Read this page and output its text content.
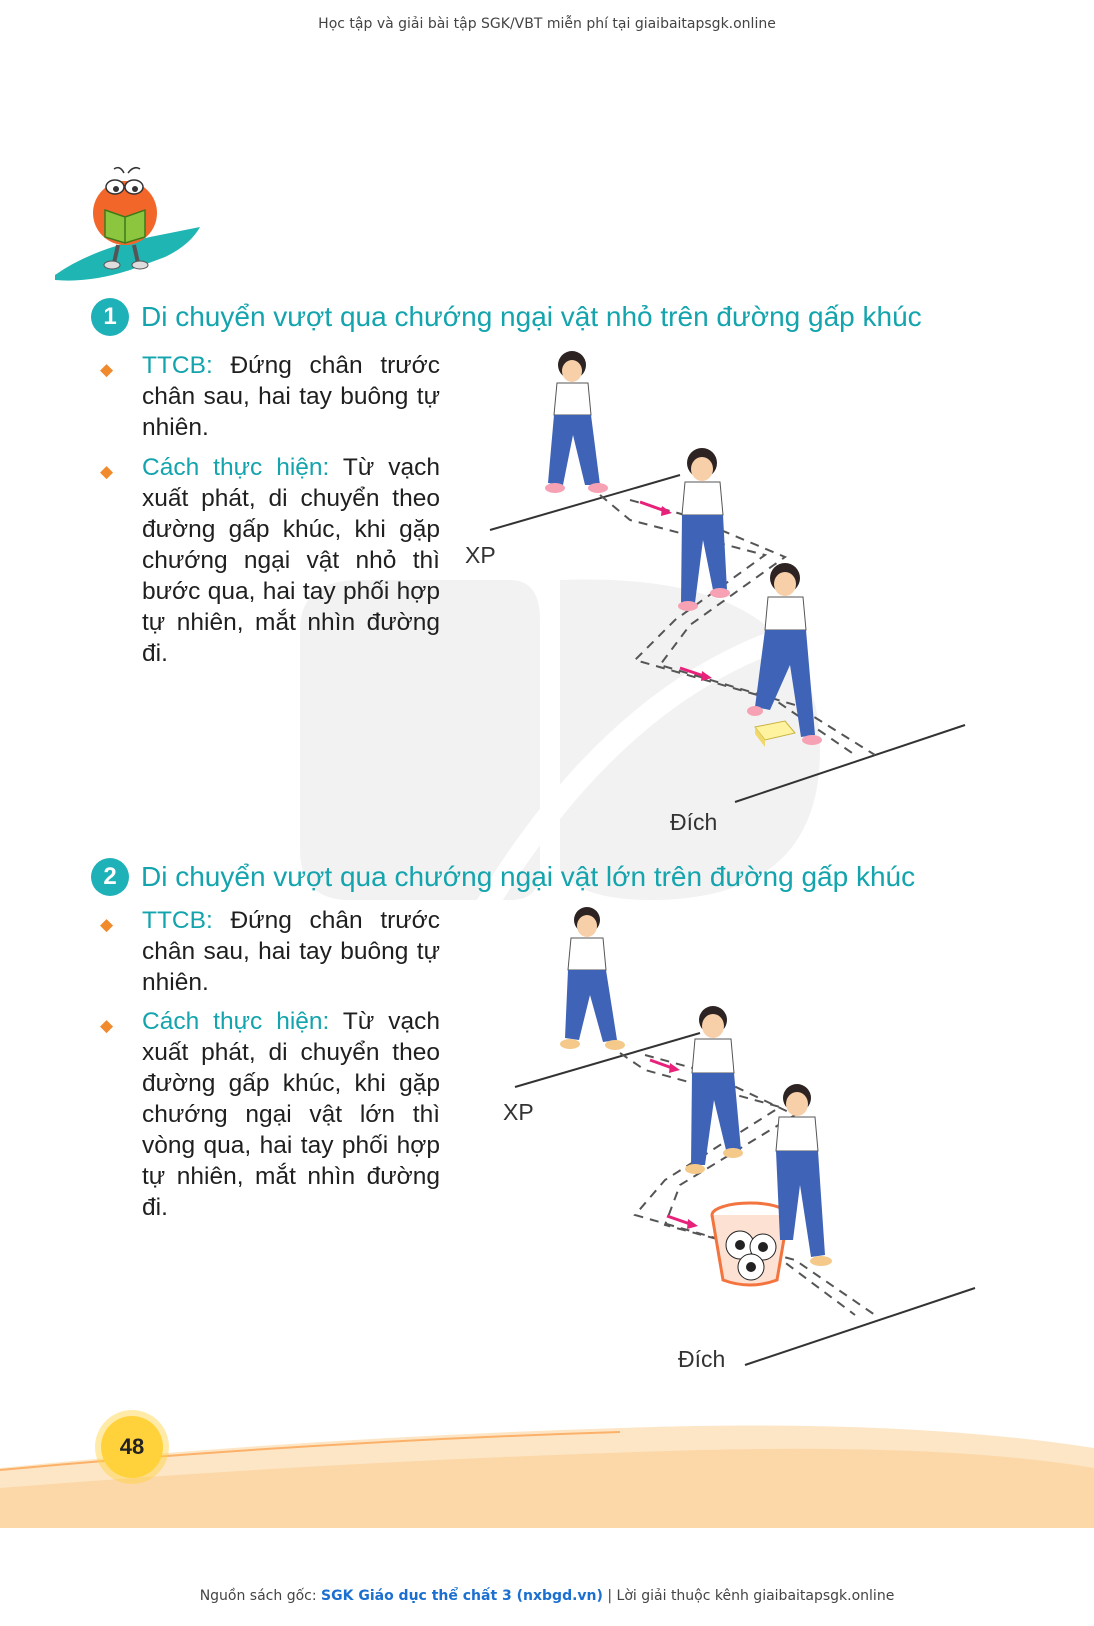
Học tập và giải bài tập SGK/VBT miễn phí tại giaibaitapsgk.online
1 Di chuyển vượt qua chướng ngại vật nhỏ trên đường gấp khúc
◆ TTCB: Đứng chân trước chân sau, hai tay buông tự nhiên.
◆ Cách thực hiện: Từ vạch xuất phát, di chuyển theo đường gấp khúc, khi gặp chướng ngại vật nhỏ thì bước qua, hai tay phối hợp tự nhiên, mắt nhìn đường đi.
XP
Đích
2 Di chuyển vượt qua chướng ngại vật lớn trên đường gấp khúc
◆ TTCB: Đứng chân trước chân sau, hai tay buông tự nhiên.
◆ Cách thực hiện: Từ vạch xuất phát, di chuyển theo đường gấp khúc, khi gặp chướng ngại vật lớn thì vòng qua, hai tay phối hợp tự nhiên, mắt nhìn đường đi.
XP
Đích
48
Nguồn sách gốc: SGK Giáo dục thể chất 3 (nxbgd.vn) | Lời giải thuộc kênh giaibaitapsgk.online
